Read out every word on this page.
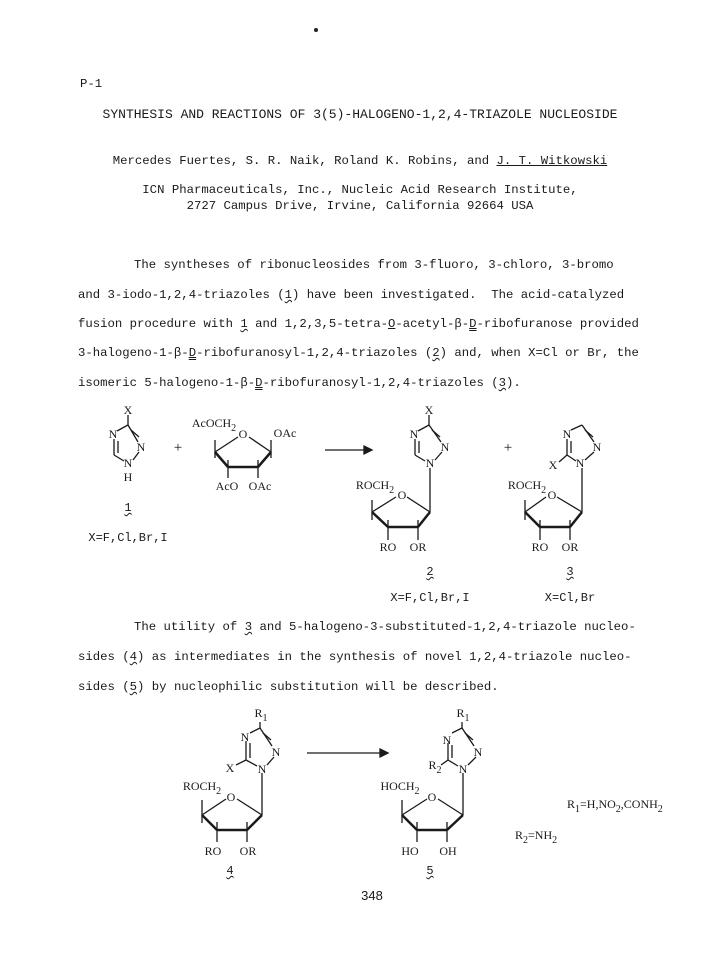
P-1
SYNTHESIS AND REACTIONS OF 3(5)-HALOGENO-1,2,4-TRIAZOLE NUCLEOSIDE
Mercedes Fuertes, S. R. Naik, Roland K. Robins, and J. T. Witkowski
ICN Pharmaceuticals, Inc., Nucleic Acid Research Institute,
2727 Campus Drive, Irvine, California 92664 USA
The syntheses of ribonucleosides from 3-fluoro, 3-chloro, 3-bromo
and 3-iodo-1,2,4-triazoles (1) have been investigated.  The acid-catalyzed
fusion procedure with 1 and 1,2,3,5-tetra-O-acetyl-β-D-ribofuranose provided
3-halogeno-1-β-D-ribofuranosyl-1,2,4-triazoles (2) and, when X=Cl or Br, the
isomeric 5-halogeno-1-β-D-ribofuranosyl-1,2,4-triazoles (3).
The utility of 3 and 5-halogeno-3-substituted-1,2,4-triazole nucleo-
sides (4) as intermediates in the synthesis of novel 1,2,4-triazole nucleo-
sides (5) by nucleophilic substitution will be described.
X
N
N
N
H
1
X=F,Cl,Br,I
+
AcOCH$_2$ O OAc
AcO OAc
X
N
N
N
$ROCH_2$ O
RO OR
2
X=F,Cl,Br,I
+
N
N
N
X
$ROCH_2$ O
RO OR
3
X=Cl,Br
$R_1$
N
N
X N
$ROCH_2$ O
RO OR
4
$R_1$
N
N
$R_2$ N
$HOCH_2$ O
HO OH
5
$R_1=H,NO_2,CONH_2$
$R_2=NH_2$
348
